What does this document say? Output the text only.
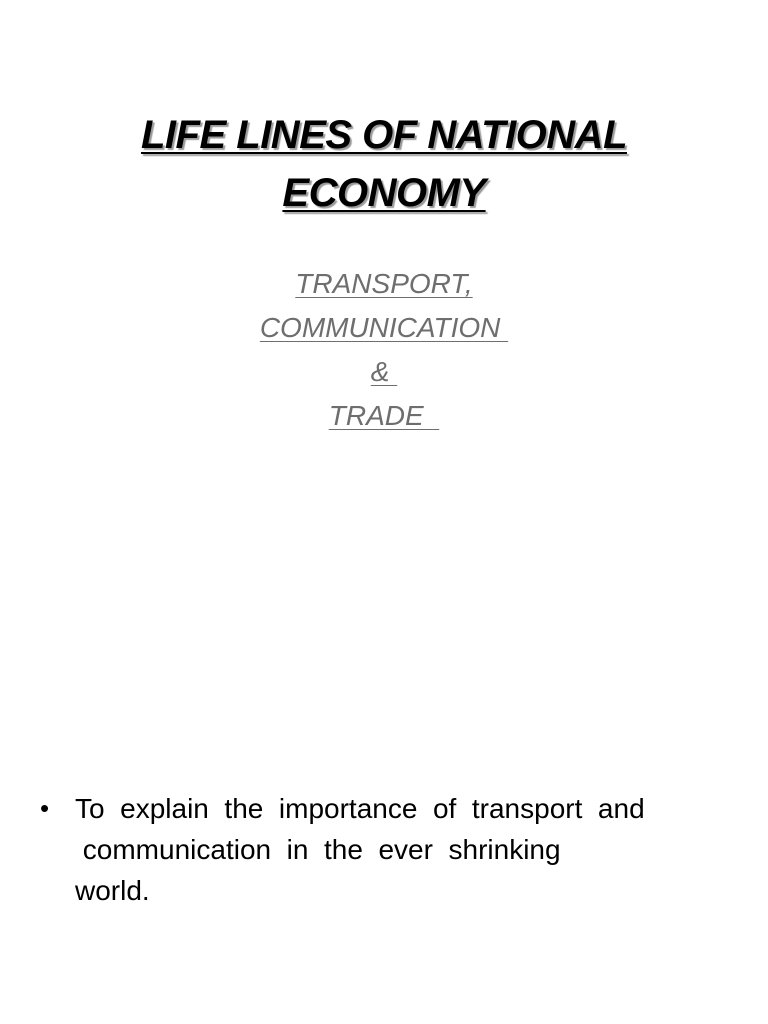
LIFE LINES OF NATIONAL
ECONOMY
TRANSPORT,
COMMUNICATION
&
TRADE
• To  explain  the  importance  of  transport  and
communication  in  the  ever  shrinking
world.
